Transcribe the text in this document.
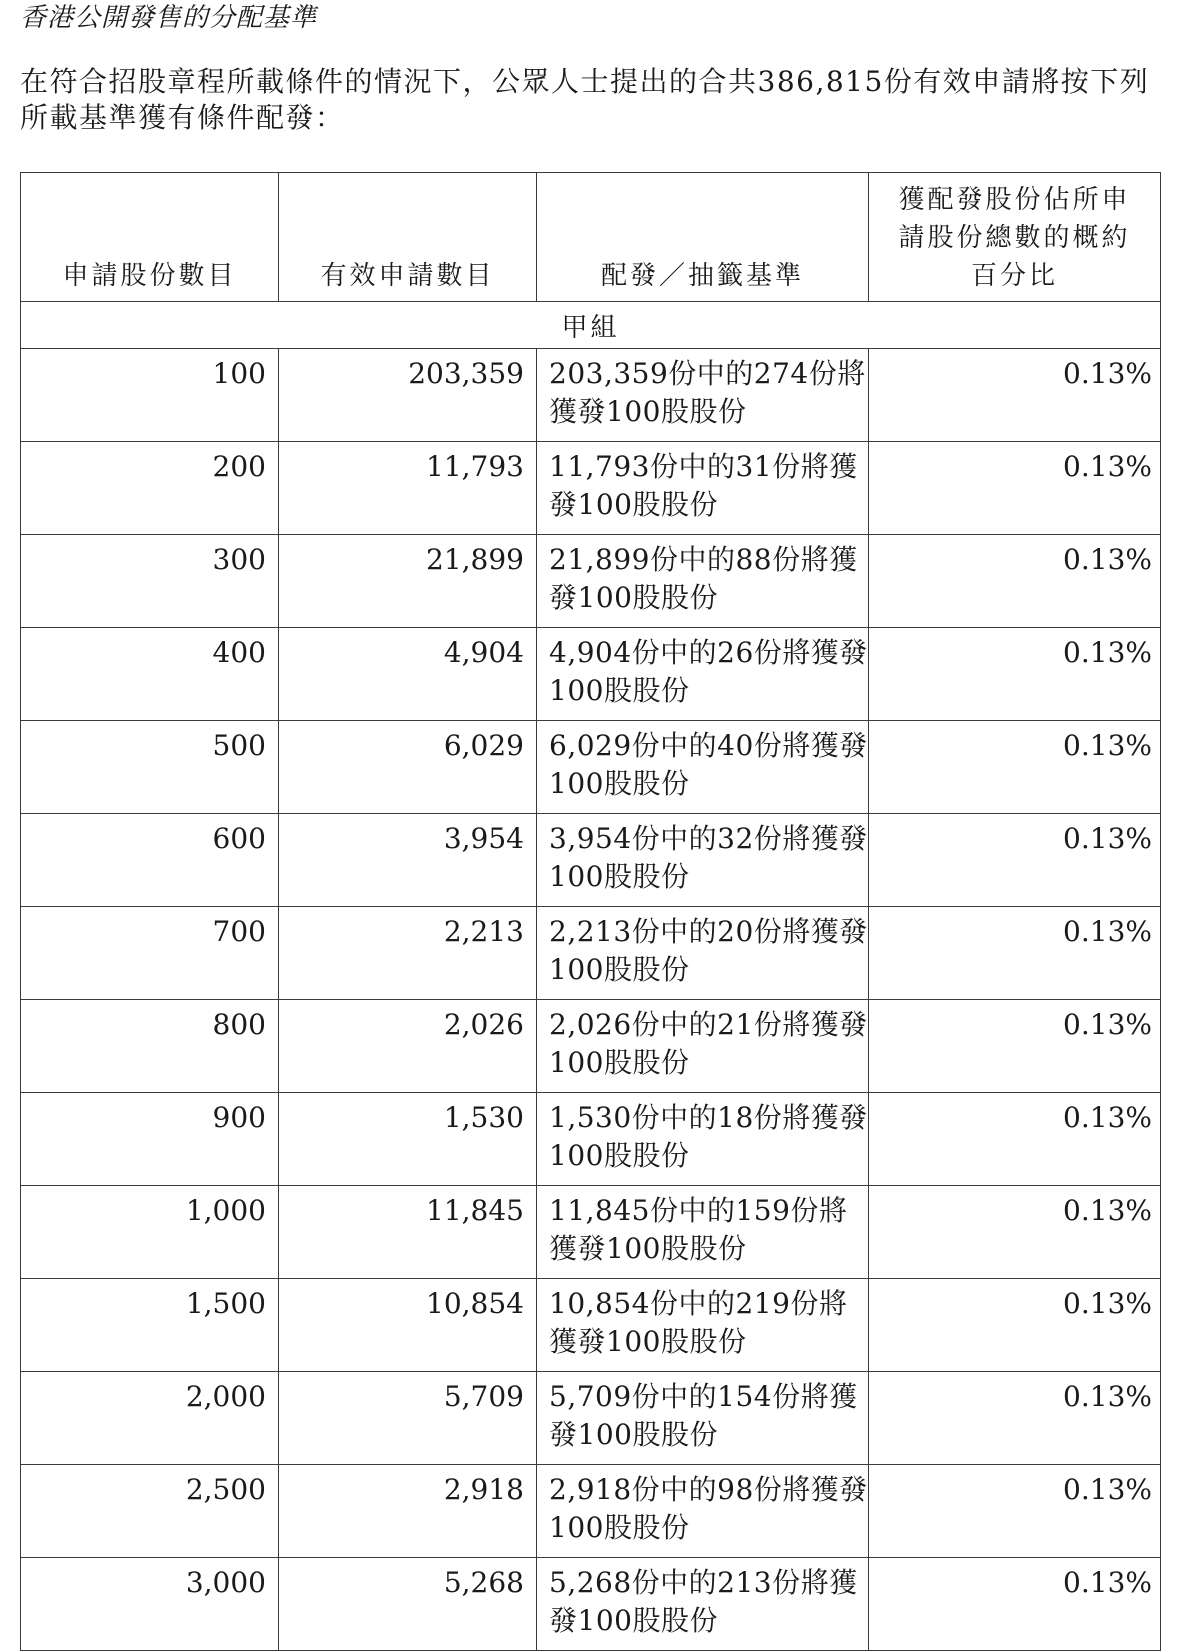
香港公開發售的分配基準
在符合招股章程所載條件的情況下，公眾人士提出的合共386,815份有效申請將按下列所載基準獲有條件配發：
申請股份數目	有效申請數目	配發／抽籤基準	獲配發股份佔所申請股份總數的概約百分比
甲組			
100	203,359	203,359份中的274份將獲發100股股份	0.13%
200	11,793	11,793份中的31份將獲發100股股份	0.13%
300	21,899	21,899份中的88份將獲發100股股份	0.13%
400	4,904	4,904份中的26份將獲發100股股份	0.13%
500	6,029	6,029份中的40份將獲發100股股份	0.13%
600	3,954	3,954份中的32份將獲發100股股份	0.13%
700	2,213	2,213份中的20份將獲發100股股份	0.13%
800	2,026	2,026份中的21份將獲發100股股份	0.13%
900	1,530	1,530份中的18份將獲發100股股份	0.13%
1,000	11,845	11,845份中的159份將獲發100股股份	0.13%
1,500	10,854	10,854份中的219份將獲發100股股份	0.13%
2,000	5,709	5,709份中的154份將獲發100股股份	0.13%
2,500	2,918	2,918份中的98份將獲發100股股份	0.13%
3,000	5,268	5,268份中的213份將獲發100股股份	0.13%
